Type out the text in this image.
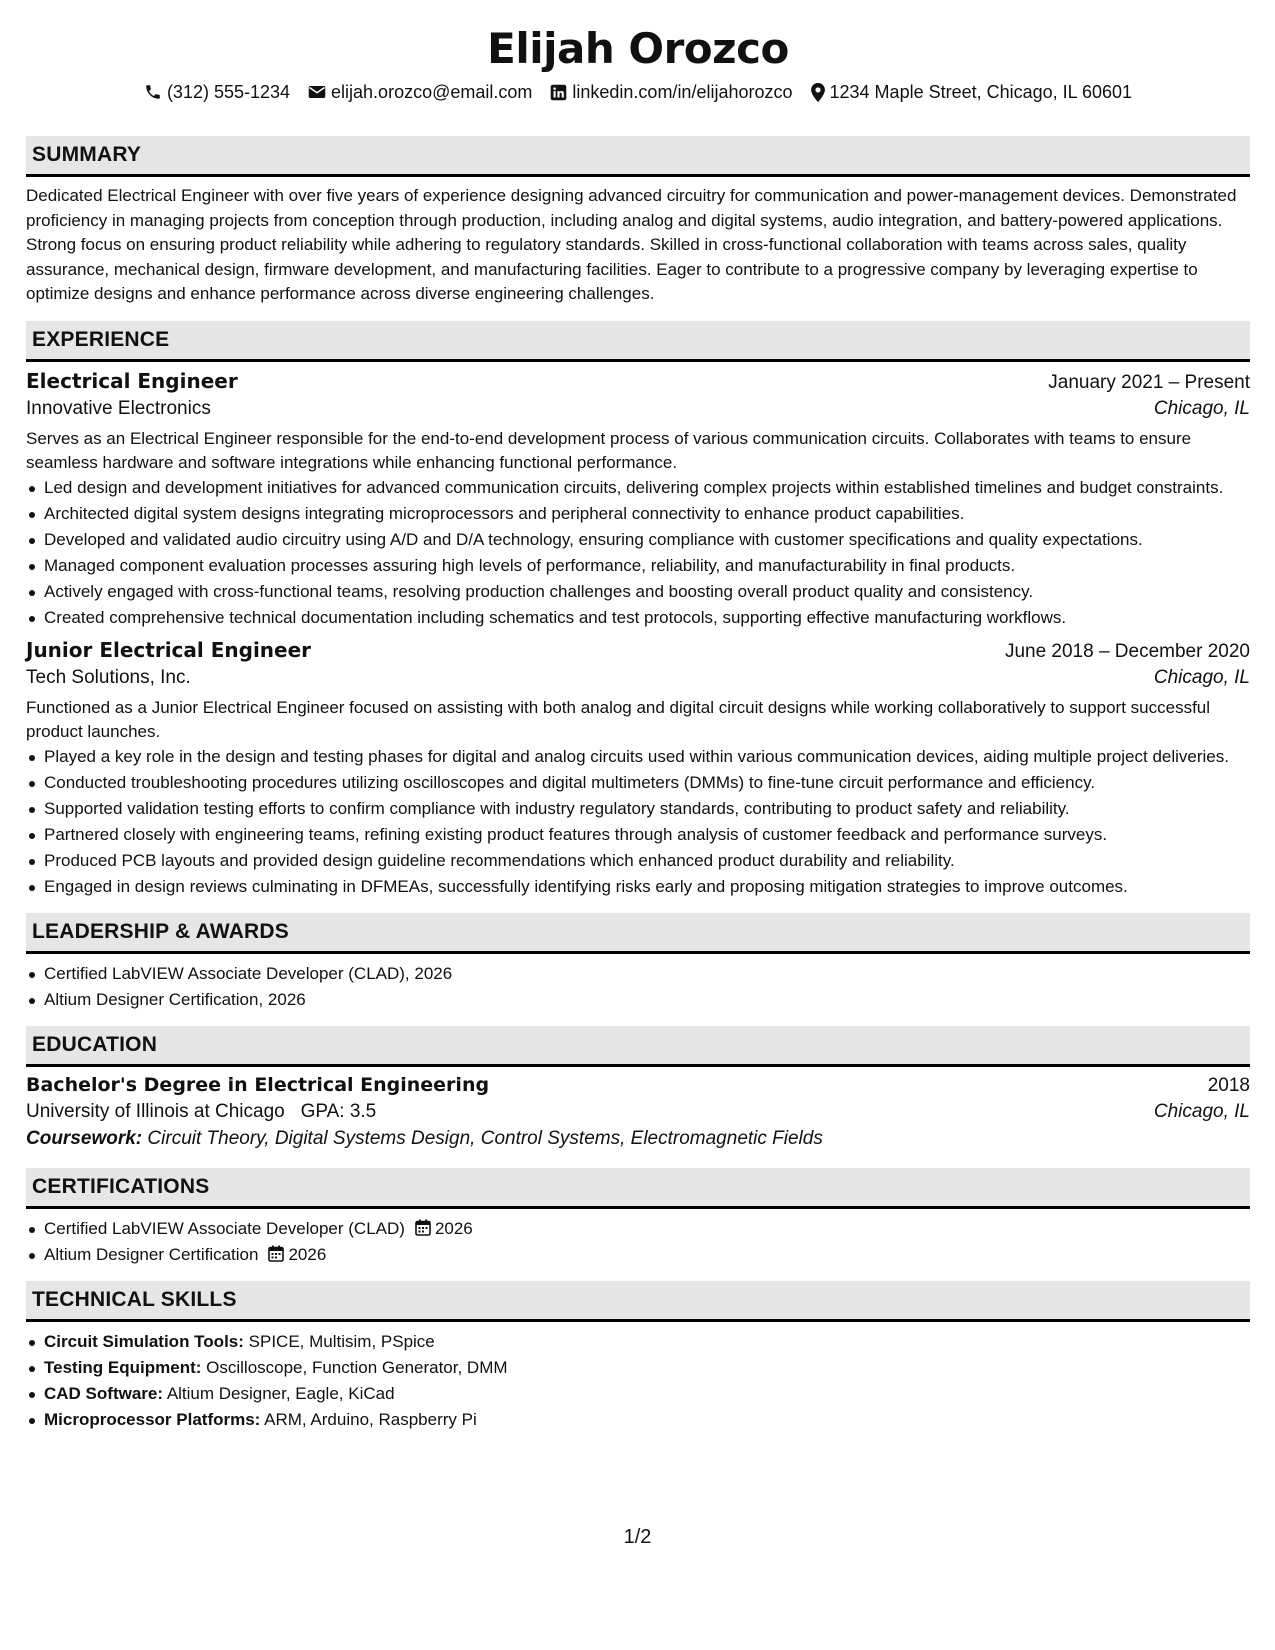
Elijah Orozco
(312) 555-1234 elijah.orozco@email.com linkedin.com/in/elijahorozco 1234 Maple Street, Chicago, IL 60601
SUMMARY
Dedicated Electrical Engineer with over five years of experience designing advanced circuitry for communication and power-management devices. Demonstrated proficiency in managing projects from conception through production, including analog and digital systems, audio integration, and battery-powered applications. Strong focus on ensuring product reliability while adhering to regulatory standards. Skilled in cross-functional collaboration with teams across sales, quality assurance, mechanical design, firmware development, and manufacturing facilities. Eager to contribute to a progressive company by leveraging expertise to optimize designs and enhance performance across diverse engineering challenges.
EXPERIENCE
Electrical Engineer	January 2021 – Present
Innovative Electronics	Chicago, IL
Serves as an Electrical Engineer responsible for the end-to-end development process of various communication circuits. Collaborates with teams to ensure seamless hardware and software integrations while enhancing functional performance.
Led design and development initiatives for advanced communication circuits, delivering complex projects within established timelines and budget constraints.
Architected digital system designs integrating microprocessors and peripheral connectivity to enhance product capabilities.
Developed and validated audio circuitry using A/D and D/A technology, ensuring compliance with customer specifications and quality expectations.
Managed component evaluation processes assuring high levels of performance, reliability, and manufacturability in final products.
Actively engaged with cross-functional teams, resolving production challenges and boosting overall product quality and consistency.
Created comprehensive technical documentation including schematics and test protocols, supporting effective manufacturing workflows.
Junior Electrical Engineer	June 2018 – December 2020
Tech Solutions, Inc.	Chicago, IL
Functioned as a Junior Electrical Engineer focused on assisting with both analog and digital circuit designs while working collaboratively to support successful product launches.
Played a key role in the design and testing phases for digital and analog circuits used within various communication devices, aiding multiple project deliveries.
Conducted troubleshooting procedures utilizing oscilloscopes and digital multimeters (DMMs) to fine-tune circuit performance and efficiency.
Supported validation testing efforts to confirm compliance with industry regulatory standards, contributing to product safety and reliability.
Partnered closely with engineering teams, refining existing product features through analysis of customer feedback and performance surveys.
Produced PCB layouts and provided design guideline recommendations which enhanced product durability and reliability.
Engaged in design reviews culminating in DFMEAs, successfully identifying risks early and proposing mitigation strategies to improve outcomes.
LEADERSHIP & AWARDS
Certified LabVIEW Associate Developer (CLAD), 2026
Altium Designer Certification, 2026
EDUCATION
Bachelor's Degree in Electrical Engineering	2018
University of Illinois at Chicago GPA: 3.5	Chicago, IL
Coursework: Circuit Theory, Digital Systems Design, Control Systems, Electromagnetic Fields
CERTIFICATIONS
Certified LabVIEW Associate Developer (CLAD) 2026
Altium Designer Certification 2026
TECHNICAL SKILLS
Circuit Simulation Tools: SPICE, Multisim, PSpice
Testing Equipment: Oscilloscope, Function Generator, DMM
CAD Software: Altium Designer, Eagle, KiCad
Microprocessor Platforms: ARM, Arduino, Raspberry Pi
1/2
